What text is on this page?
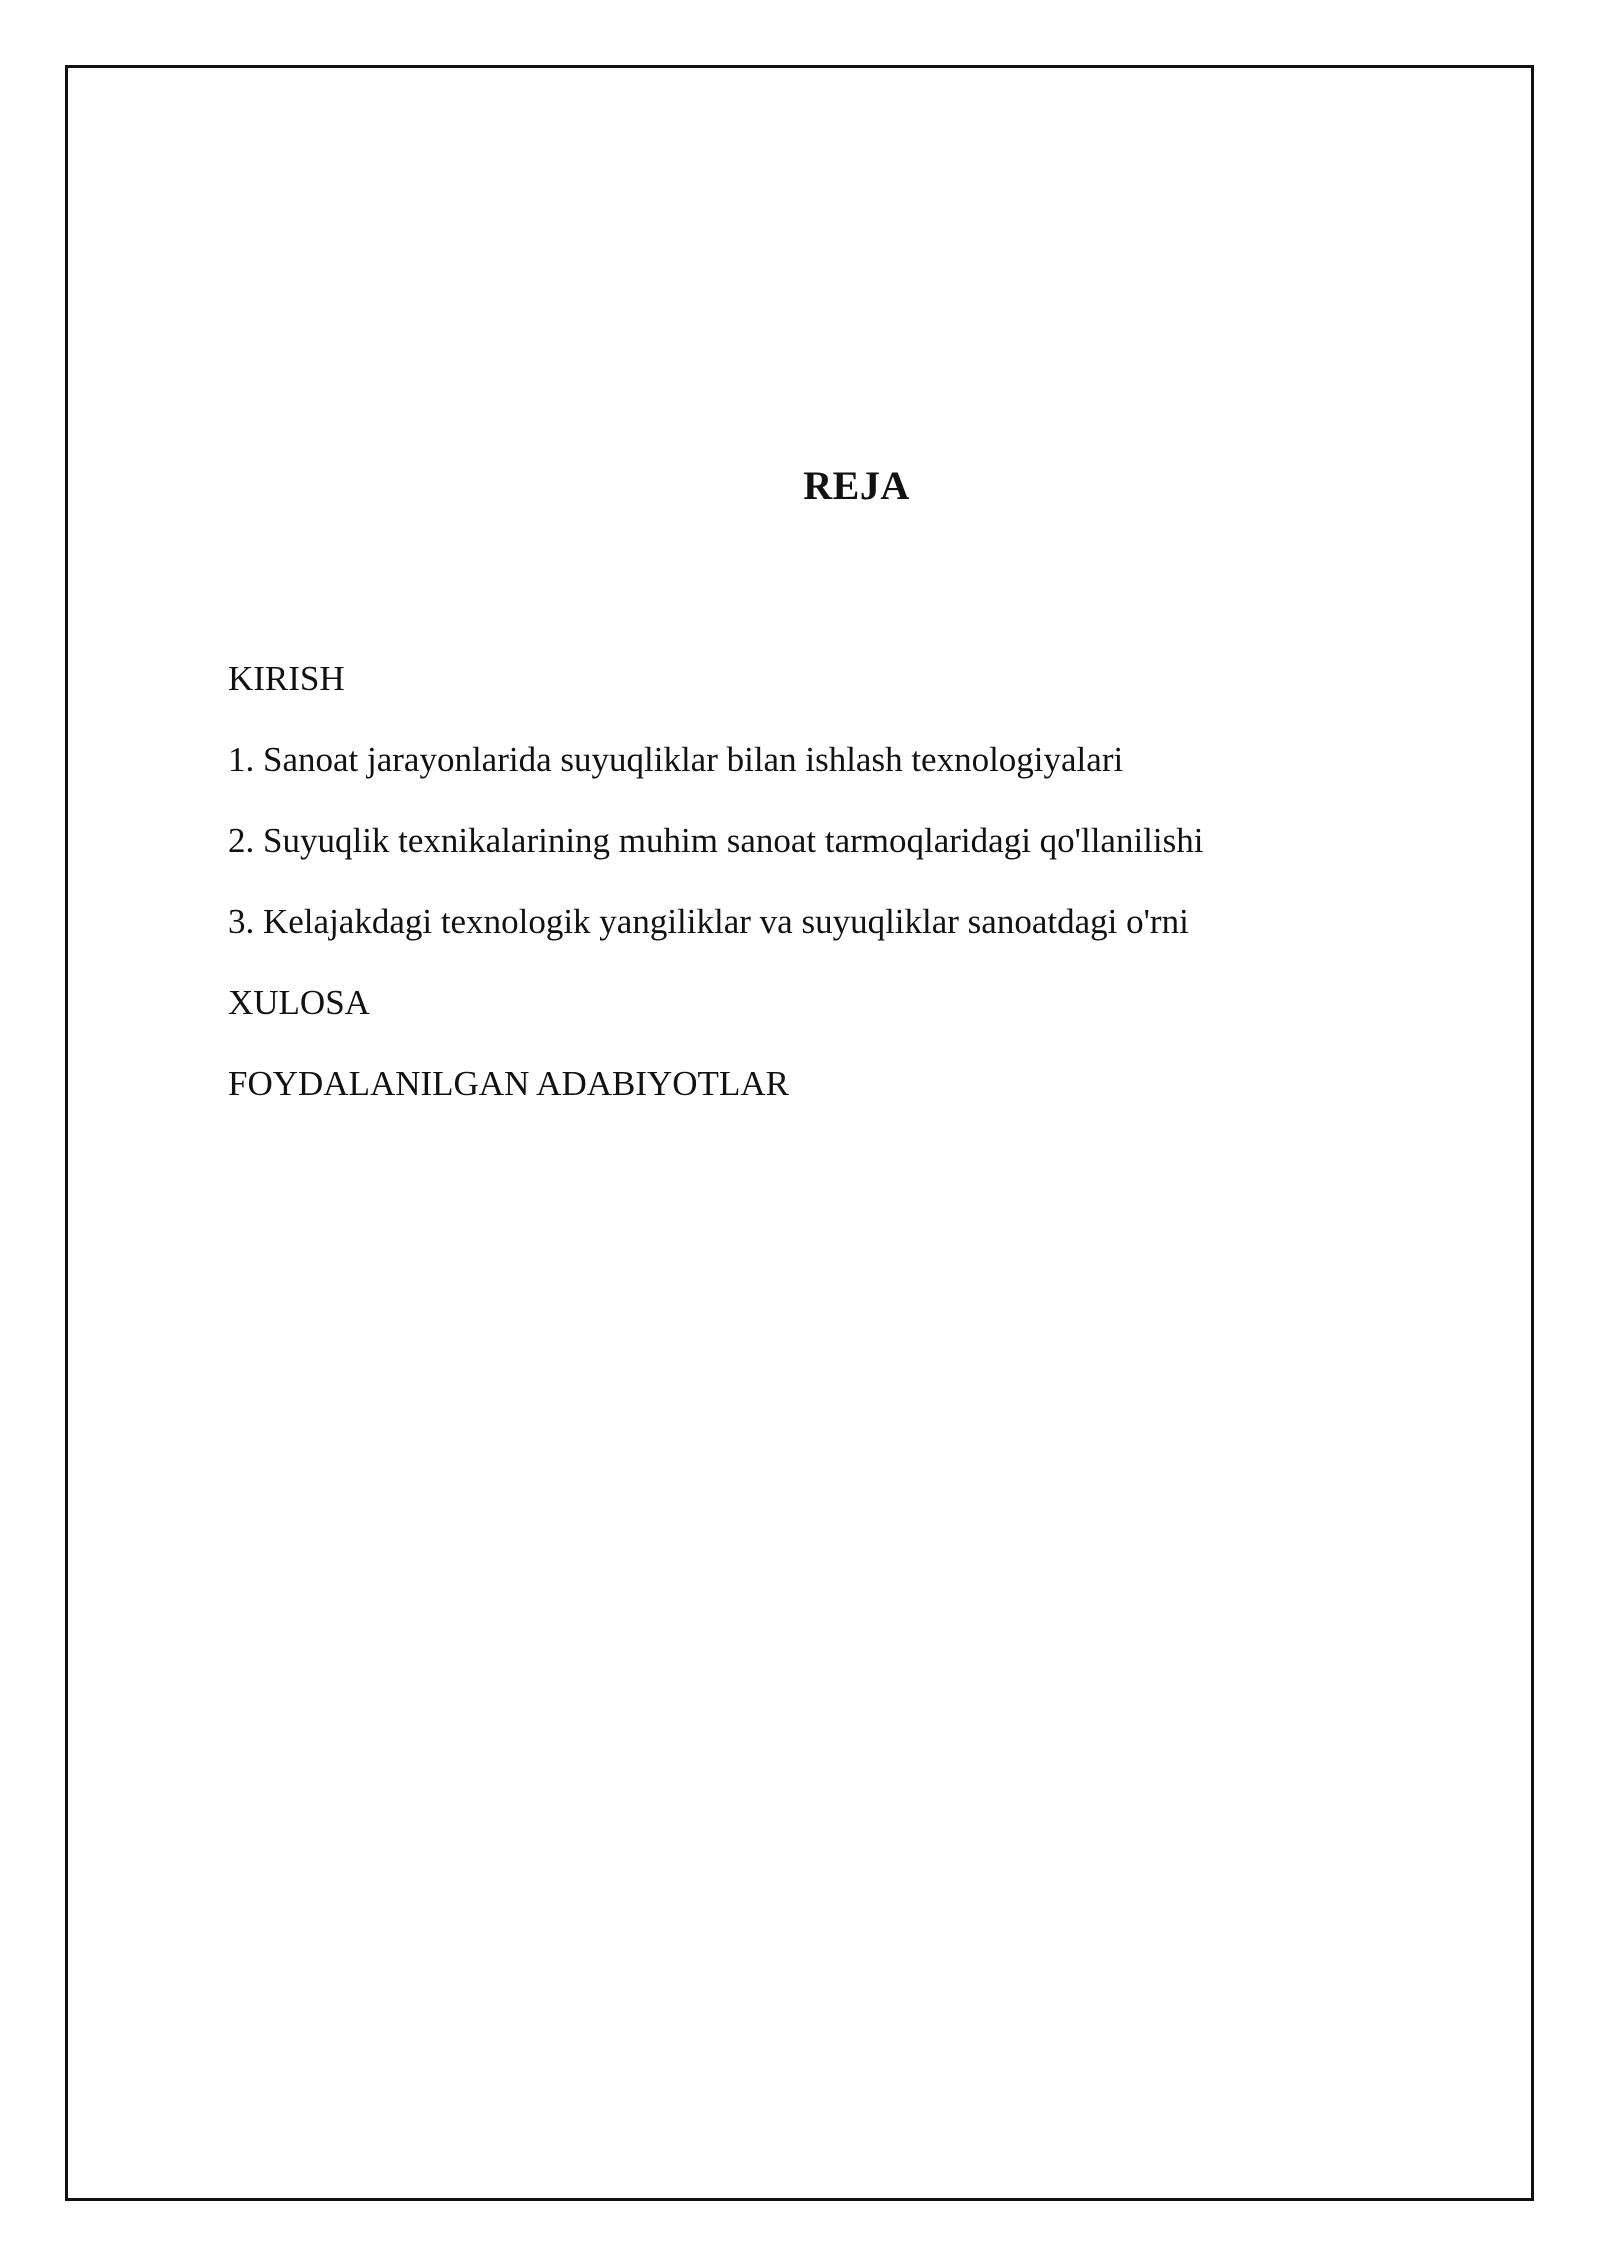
REJA
KIRISH
1. Sanoat jarayonlarida suyuqliklar bilan ishlash texnologiyalari
2. Suyuqlik texnikalarining muhim sanoat tarmoqlaridagi qo'llanilishi
3. Kelajakdagi texnologik yangiliklar va suyuqliklar sanoatdagi o'rni
XULOSA
FOYDALANILGAN ADABIYOTLAR
